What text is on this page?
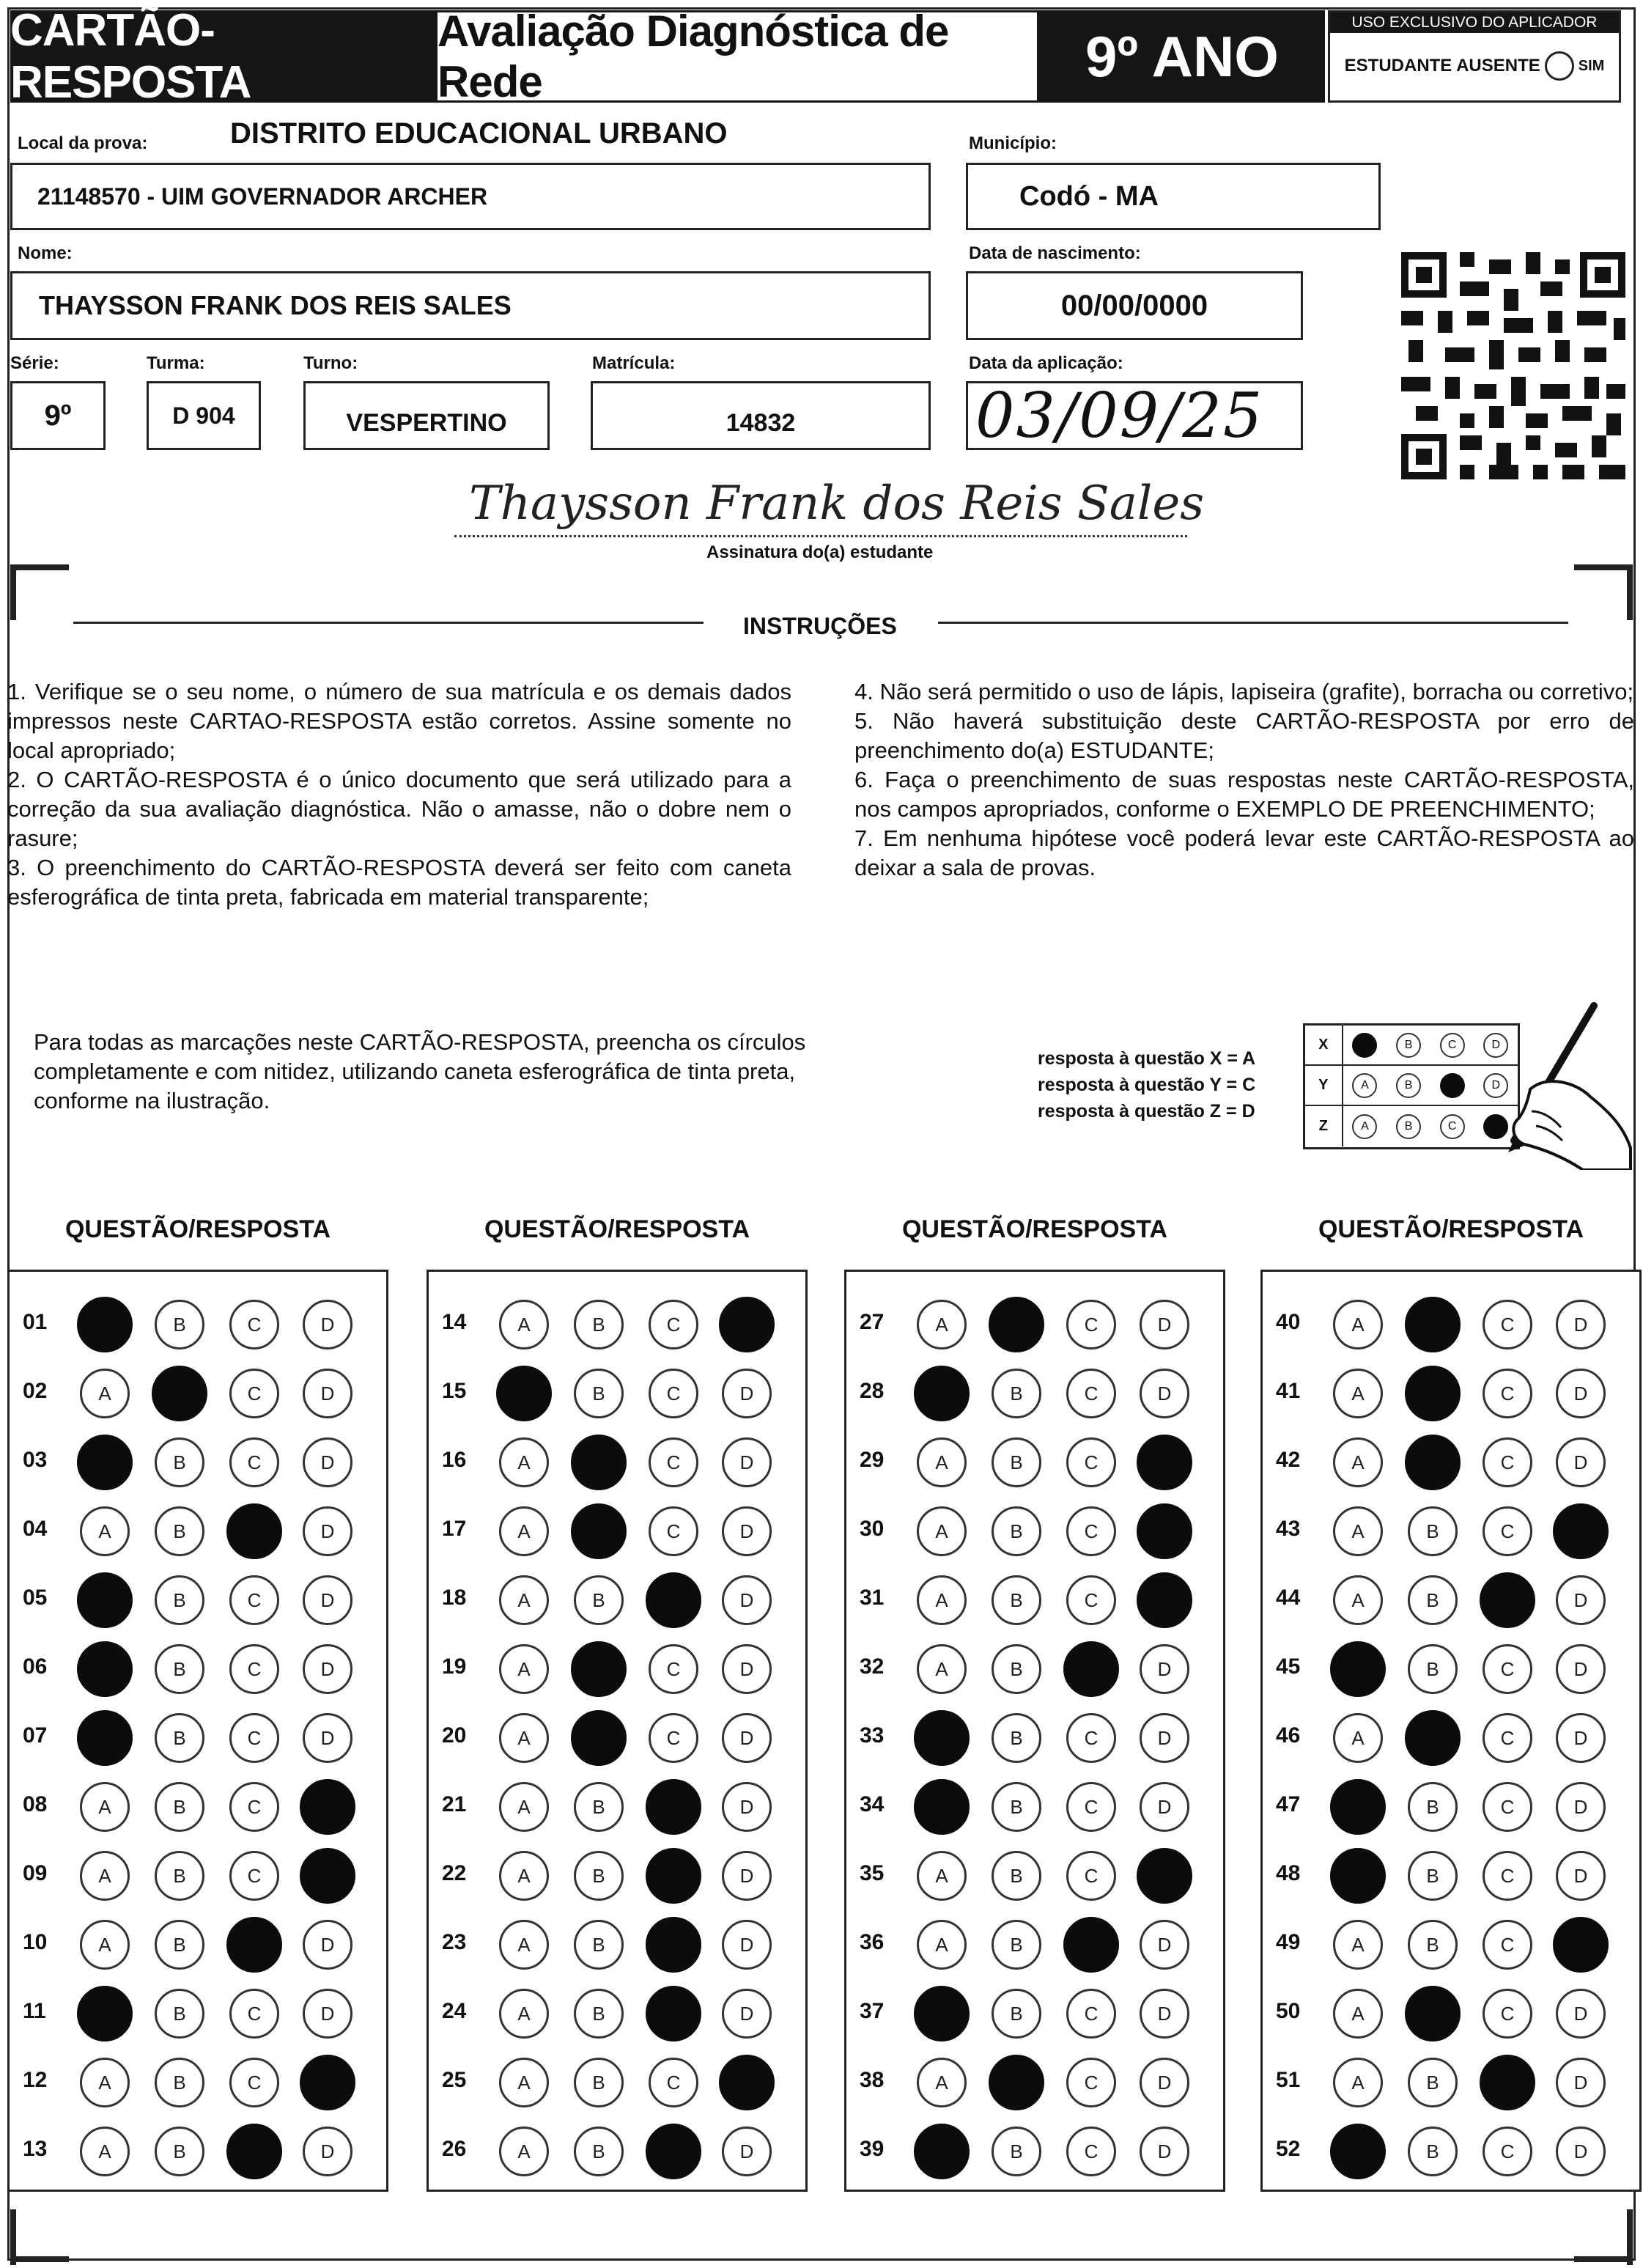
CARTÃO-RESPOSTA
Avaliação Diagnóstica de Rede	9º ANO
USO EXCLUSIVO DO APLICADOR
ESTUDANTE AUSENTE	SIM
Local da prova:	DISTRITO EDUCACIONAL URBANO
21148570 - UIM GOVERNADOR ARCHER
Município:
Codó - MA
Nome:
THAYSSON FRANK DOS REIS SALES
Data de nascimento:
00/00/0000
Série:
9º
Turma:
D 904
Turno:
VESPERTINO
Matrícula:
14832
Data da aplicação:
03/09/25
Thaysson Frank dos Reis Sales
Assinatura do(a) estudante
INSTRUÇÕES

1. Verifique se o seu nome, o número de sua matrícula e os demais dados impressos neste CARTAO-RESPOSTA estão corretos. Assine somente no local apropriado;

2. O CARTÃO-RESPOSTA é o único documento que será utilizado para a correção da sua avaliação diagnóstica. Não o amasse, não o dobre nem o rasure;

3. O preenchimento do CARTÃO-RESPOSTA deverá ser feito com caneta esferográfica de tinta preta, fabricada em material transparente;

4. Não será permitido o uso de lápis, lapiseira (grafite), borracha ou corretivo;

5. Não haverá substituição deste CARTÃO-RESPOSTA por erro de preenchimento do(a) ESTUDANTE;

6. Faça o preenchimento de suas respostas neste CARTÃO-RESPOSTA, nos campos apropriados, conforme o EXEMPLO DE PREENCHIMENTO;

7. Em nenhuma hipótese você poderá levar este CARTÃO-RESPOSTA ao deixar a sala de provas.

Para todas as marcações neste CARTÃO-RESPOSTA, preencha os círculos completamente e com nitidez, utilizando caneta esferográfica de tinta preta, conforme na ilustração.
resposta à questão X = A
resposta à questão Y = C
resposta à questão Z = D
X	A	B	C	D
Y	A	B	C	D
Z	A	B	C	D
QUESTÃO/RESPOSTA	QUESTÃO/RESPOSTA	QUESTÃO/RESPOSTA	QUESTÃO/RESPOSTA
01	A	B	C	D
02	A	B	C	D
03	A	B	C	D
04	A	B	C	D
05	A	B	C	D
06	A	B	C	D
07	A	B	C	D
08	A	B	C	D
09	A	B	C	D
10	A	B	C	D
11	A	B	C	D
12	A	B	C	D
13	A	B	C	D
14	A	B	C	D
15	A	B	C	D
16	A	B	C	D
17	A	B	C	D
18	A	B	C	D
19	A	B	C	D
20	A	B	C	D
21	A	B	C	D
22	A	B	C	D
23	A	B	C	D
24	A	B	C	D
25	A	B	C	D
26	A	B	C	D
27	A	B	C	D
28	A	B	C	D
29	A	B	C	D
30	A	B	C	D
31	A	B	C	D
32	A	B	C	D
33	A	B	C	D
34	A	B	C	D
35	A	B	C	D
36	A	B	C	D
37	A	B	C	D
38	A	B	C	D
39	A	B	C	D
40	A	B	C	D
41	A	B	C	D
42	A	B	C	D
43	A	B	C	D
44	A	B	C	D
45	A	B	C	D
46	A	B	C	D
47	A	B	C	D
48	A	B	C	D
49	A	B	C	D
50	A	B	C	D
51	A	B	C	D
52	A	B	C	D
